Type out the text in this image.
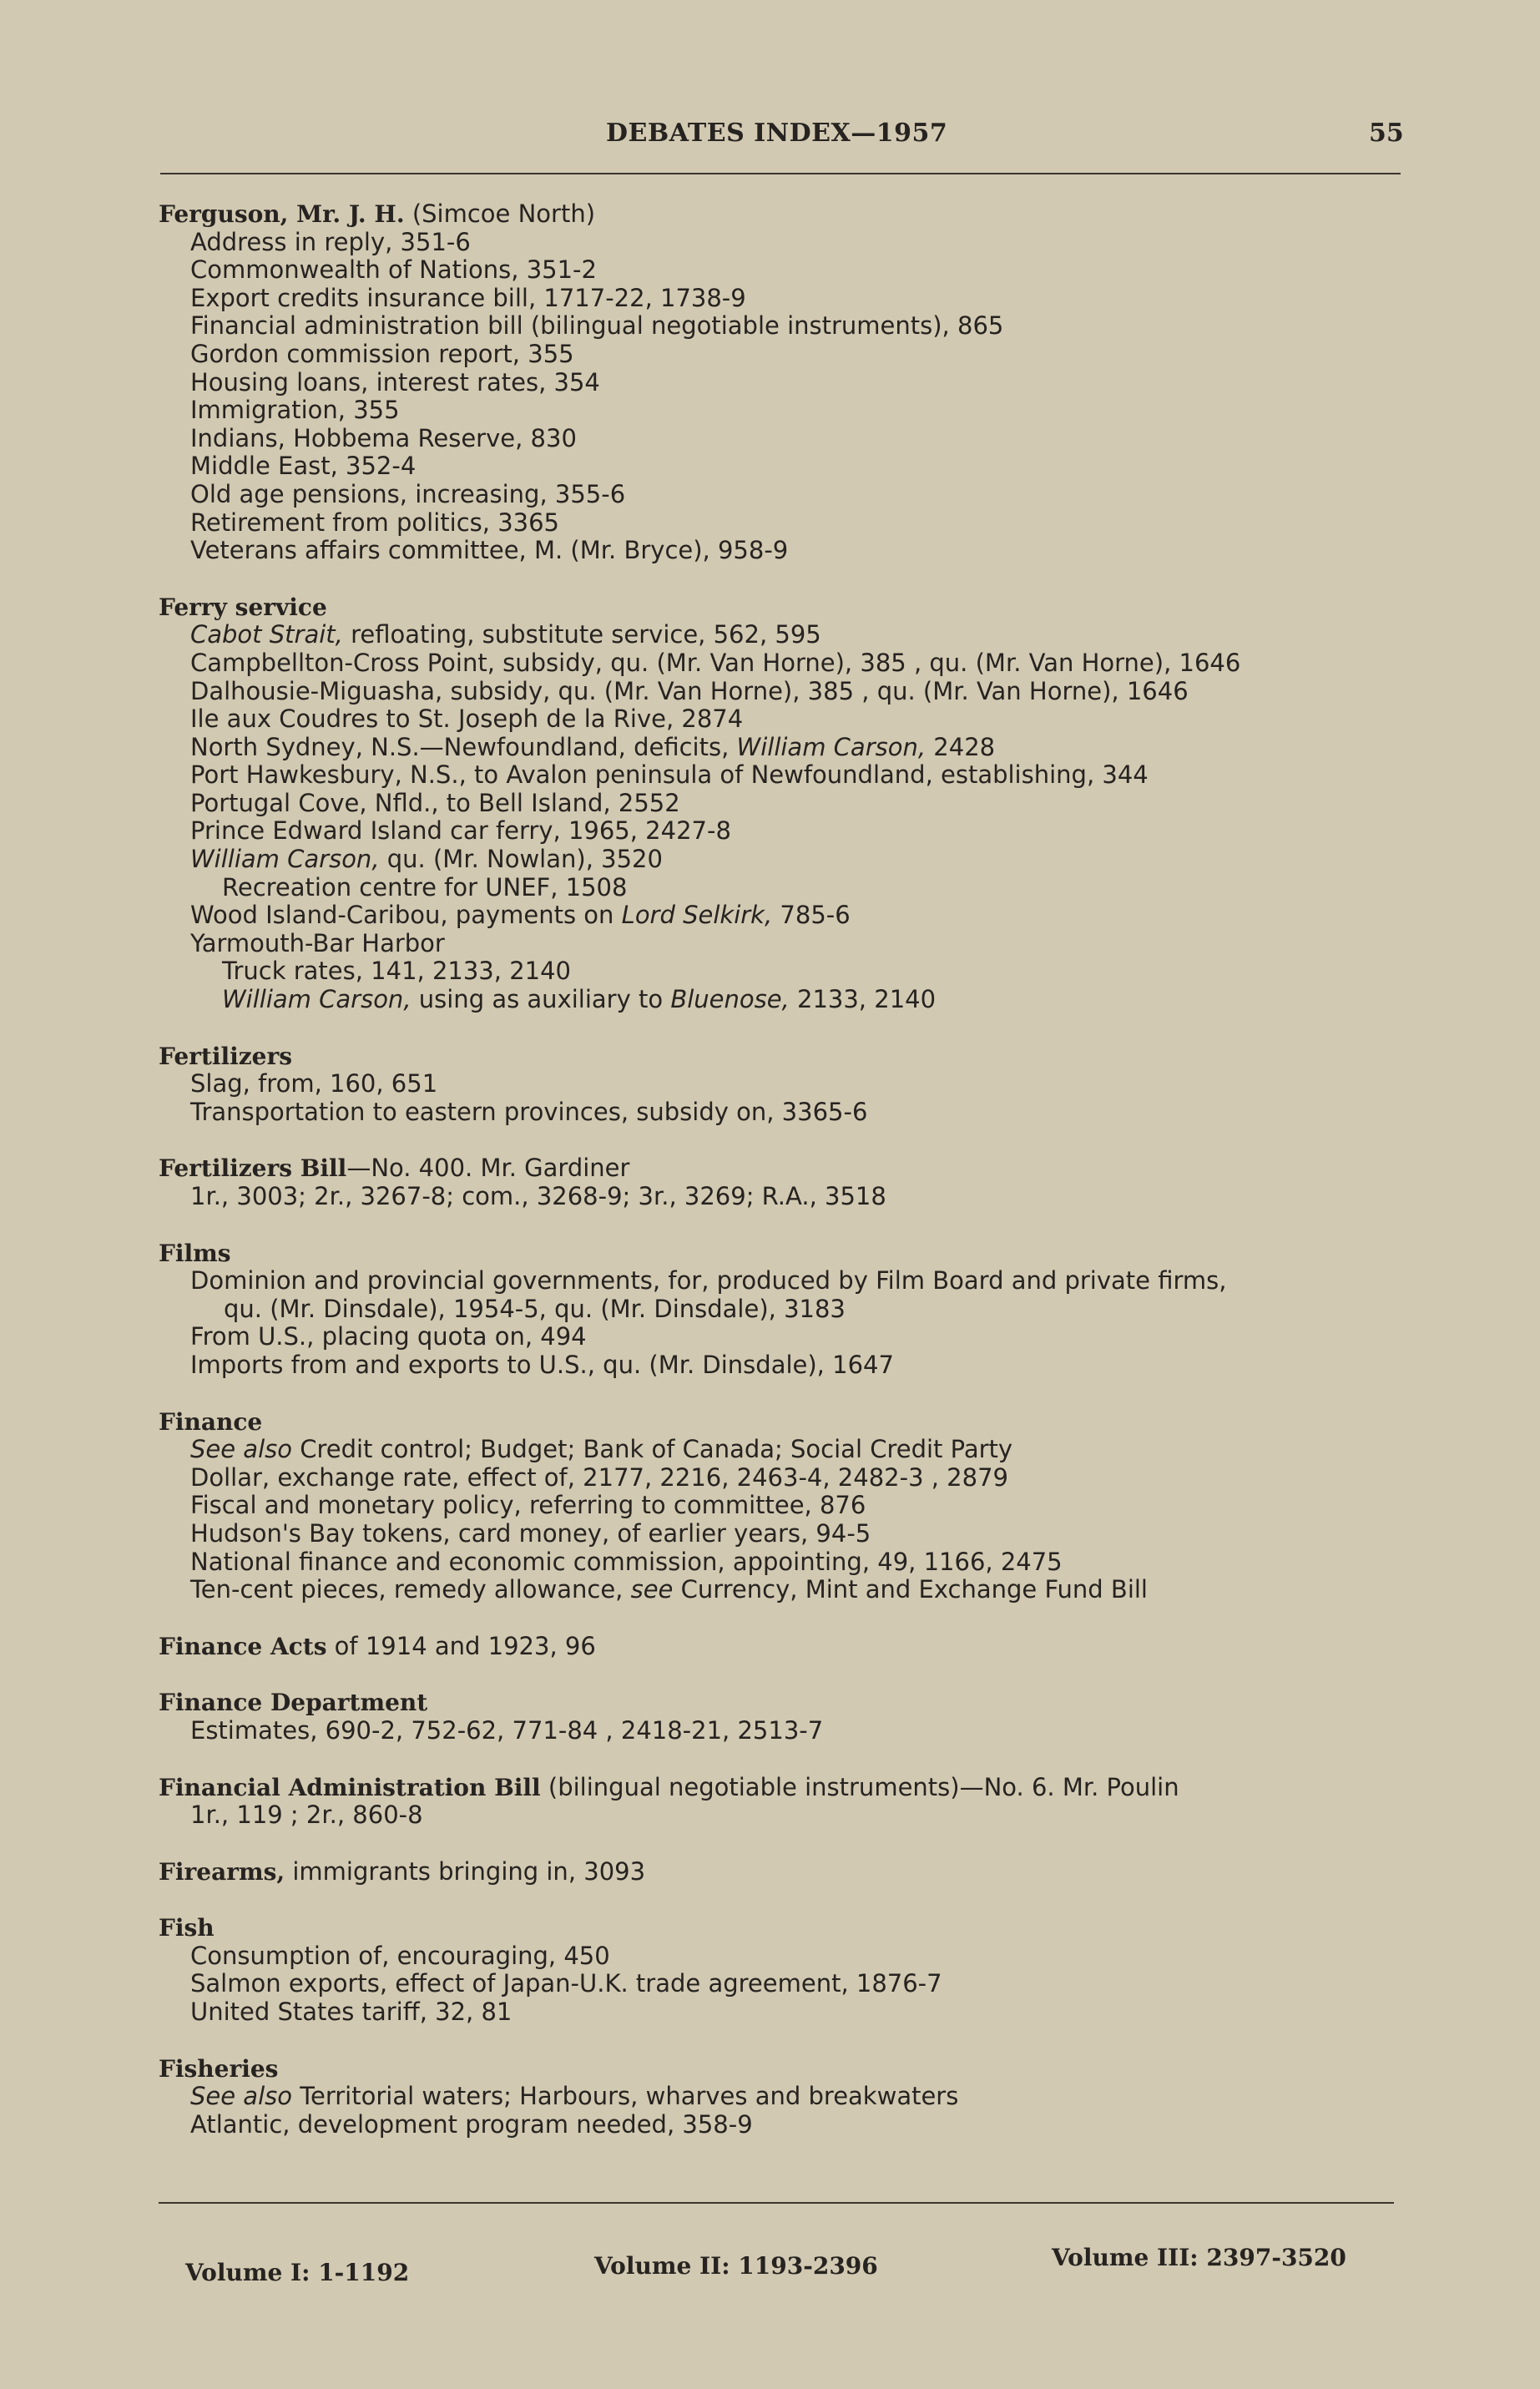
DEBATES INDEX—1957	55
Ferguson, Mr. J. H. (Simcoe North)
Address in reply, 351-6
Commonwealth of Nations, 351-2
Export credits insurance bill, 1717-22, 1738-9
Financial administration bill (bilingual negotiable instruments), 865
Gordon commission report, 355
Housing loans, interest rates, 354
Immigration, 355
Indians, Hobbema Reserve, 830
Middle East, 352-4
Old age pensions, increasing, 355-6
Retirement from politics, 3365
Veterans affairs committee, M. (Mr. Bryce), 958-9
Ferry service
Cabot Strait, refloating, substitute service, 562, 595
Campbellton-Cross Point, subsidy, qu. (Mr. Van Horne), 385 , qu. (Mr. Van Horne), 1646
Dalhousie-Miguasha, subsidy, qu. (Mr. Van Horne), 385 , qu. (Mr. Van Horne), 1646
Ile aux Coudres to St. Joseph de la Rive, 2874
North Sydney, N.S.—Newfoundland, deficits, William Carson, 2428
Port Hawkesbury, N.S., to Avalon peninsula of Newfoundland, establishing, 344
Portugal Cove, Nfld., to Bell Island, 2552
Prince Edward Island car ferry, 1965, 2427-8
William Carson, qu. (Mr. Nowlan), 3520
Recreation centre for UNEF, 1508
Wood Island-Caribou, payments on Lord Selkirk, 785-6
Yarmouth-Bar Harbor
Truck rates, 141, 2133, 2140
William Carson, using as auxiliary to Bluenose, 2133, 2140
Fertilizers
Slag, from, 160, 651
Transportation to eastern provinces, subsidy on, 3365-6
Fertilizers Bill—No. 400. Mr. Gardiner
1r., 3003; 2r., 3267-8; com., 3268-9; 3r., 3269; R.A., 3518
Films
Dominion and provincial governments, for, produced by Film Board and private firms,
qu. (Mr. Dinsdale), 1954-5, qu. (Mr. Dinsdale), 3183
From U.S., placing quota on, 494
Imports from and exports to U.S., qu. (Mr. Dinsdale), 1647
Finance
See also Credit control; Budget; Bank of Canada; Social Credit Party
Dollar, exchange rate, effect of, 2177, 2216, 2463-4, 2482-3 , 2879
Fiscal and monetary policy, referring to committee, 876
Hudson's Bay tokens, card money, of earlier years, 94-5
National finance and economic commission, appointing, 49, 1166, 2475
Ten-cent pieces, remedy allowance, see Currency, Mint and Exchange Fund Bill
Finance Acts of 1914 and 1923, 96
Finance Department
Estimates, 690-2, 752-62, 771-84 , 2418-21, 2513-7
Financial Administration Bill (bilingual negotiable instruments)—No. 6. Mr. Poulin
1r., 119 ; 2r., 860-8
Firearms, immigrants bringing in, 3093
Fish
Consumption of, encouraging, 450
Salmon exports, effect of Japan-U.K. trade agreement, 1876-7
United States tariff, 32, 81
Fisheries
See also Territorial waters; Harbours, wharves and breakwaters
Atlantic, development program needed, 358-9
Volume I: 1-1192	Volume II: 1193-2396	Volume III: 2397-3520
